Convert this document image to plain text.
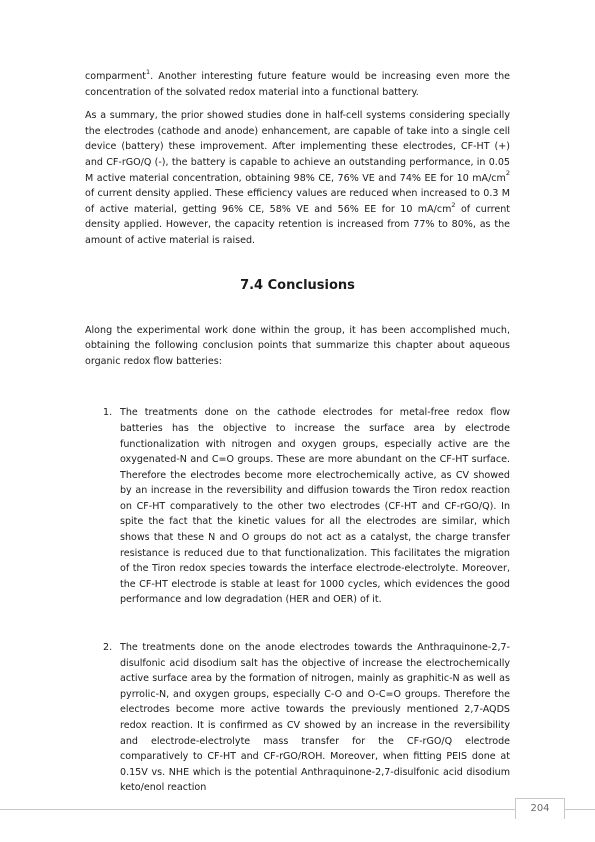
comparment$^1$. Another interesting future feature would be increasing even more the concentration of the solvated redox material into a functional battery.

As a summary, the prior showed studies done in half-cell systems considering specially the electrodes (cathode and anode) enhancement, are capable of take into a single cell device (battery) these improvement. After implementing these electrodes, CF-HT (+) and CF-rGO/Q (-), the battery is capable to achieve an outstanding performance, in 0.05 M active material concentration, obtaining 98% CE, 76% VE and 74% EE for 10 $mA/cm^2$ of current density applied. These efficiency values are reduced when increased to 0.3 M of active material, getting 96% CE, 58% VE and 56% EE for 10 $mA/cm^2$ of current density applied. However, the capacity retention is increased from 77% to 80%, as the amount of active material is raised.

7.4 Conclusions

Along the experimental work done within the group, it has been accomplished much, obtaining the following conclusion points that summarize this chapter about aqueous organic redox flow batteries:

1. The treatments done on the cathode electrodes for metal-free redox flow batteries has the objective to increase the surface area by electrode functionalization with nitrogen and oxygen groups, especially active are the oxygenated-N and C=O groups. These are more abundant on the CF-HT surface. Therefore the electrodes become more electrochemically active, as CV showed by an increase in the reversibility and diffusion towards the Tiron redox reaction on CF-HT comparatively to the other two electrodes (CF-HT and CF-rGO/Q). In spite the fact that the kinetic values for all the electrodes are similar, which shows that these N and O groups do not act as a catalyst, the charge transfer resistance is reduced due to that functionalization. This facilitates the migration of the Tiron redox species towards the interface electrode-electrolyte. Moreover, the CF-HT electrode is stable at least for 1000 cycles, which evidences the good performance and low degradation (HER and OER) of it.
2. The treatments done on the anode electrodes towards the Anthraquinone-2,7-disulfonic acid disodium salt has the objective of increase the electrochemically active surface area by the formation of nitrogen, mainly as graphitic-N as well as pyrrolic-N, and oxygen groups, especially C-O and O-C=O groups. Therefore the electrodes become more active towards the previously mentioned 2,7-AQDS redox reaction. It is confirmed as CV showed by an increase in the reversibility and electrode-electrolyte mass transfer for the CF-rGO/Q electrode comparatively to CF-HT and CF-rGO/ROH. Moreover, when fitting PEIS done at 0.15V vs. NHE which is the potential Anthraquinone-2,7-disulfonic acid disodium keto/enol reaction
204
